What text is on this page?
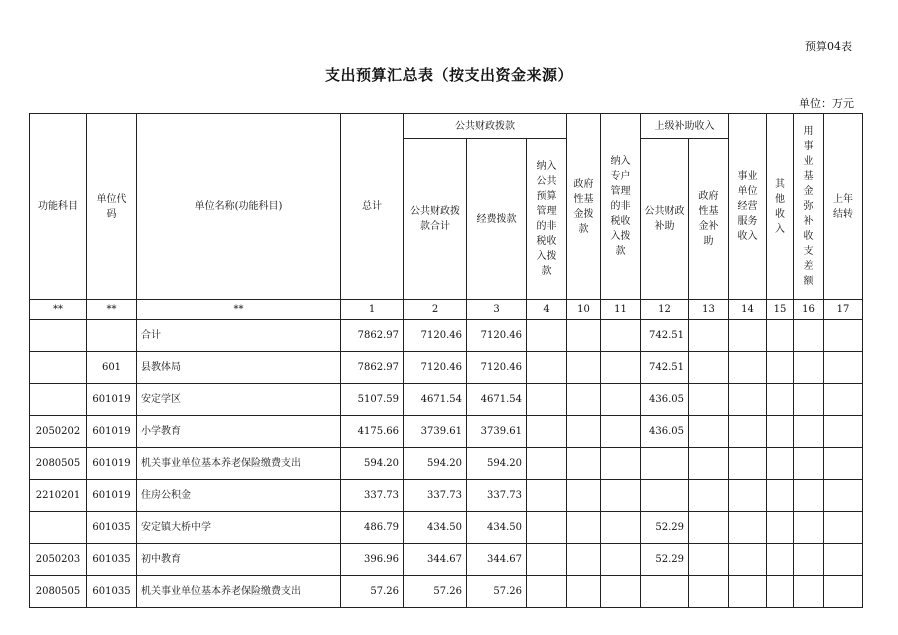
预算04表
支出预算汇总表（按支出资金来源）
单位：万元
功能科目	单位代码	单位名称(功能科目)	总计	公共财政拨款			政府性基金拨款	纳入专户管理的非税收入拨款	上级补助收入		事业单位经营服务收入	其他收入	用事业基金弥补收支差额	上年结转
				公共财政拨款合计	经费拨款	纳入公共预算管理的非税收入拨款			公共财政补助	政府性基金补助				
**	**	**	1	2	3	4	10	11	12	13	14	15	16	17
		合计	7862.97	7120.46	7120.46				742.51					
	601	县教体局	7862.97	7120.46	7120.46				742.51					
	601019	安定学区	5107.59	4671.54	4671.54				436.05					
2050202	601019	小学教育	4175.66	3739.61	3739.61				436.05					
2080505	601019	机关事业单位基本养老保险缴费支出	594.20	594.20	594.20									
2210201	601019	住房公积金	337.73	337.73	337.73									
	601035	安定镇大桥中学	486.79	434.50	434.50				52.29					
2050203	601035	初中教育	396.96	344.67	344.67				52.29					
2080505	601035	机关事业单位基本养老保险缴费支出	57.26	57.26	57.26									
